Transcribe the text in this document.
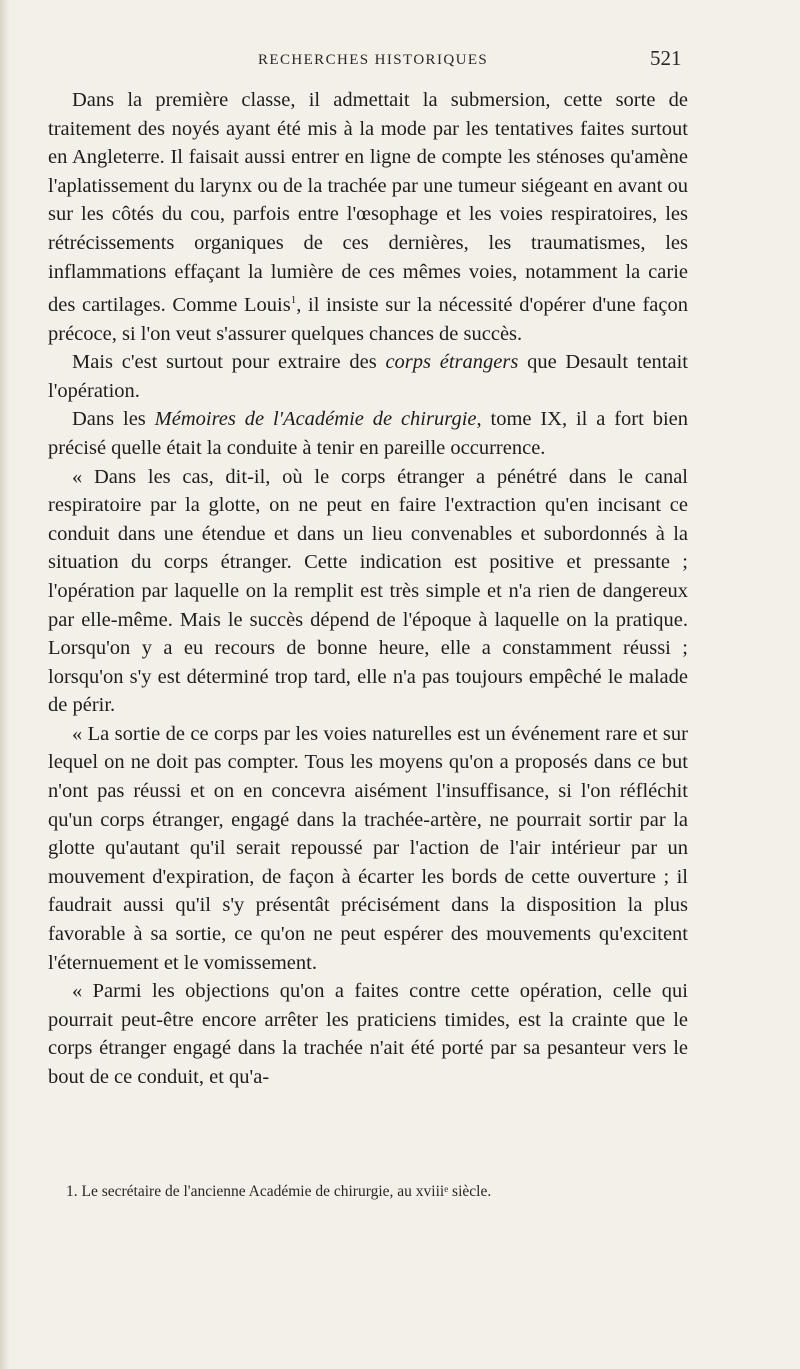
RECHERCHES HISTORIQUES	521

Dans la première classe, il admettait la submersion, cette sorte de traitement des noyés ayant été mis à la mode par les tentatives faites surtout en Angleterre. Il faisait aussi entrer en ligne de compte les sténoses qu'amène l'aplatissement du larynx ou de la trachée par une tumeur siégeant en avant ou sur les côtés du cou, parfois entre l'œsophage et les voies respiratoires, les rétrécissements organiques de ces dernières, les traumatismes, les inflammations effaçant la lumière de ces mêmes voies, notamment la carie des cartilages. Comme Louis$^1$, il insiste sur la nécessité d'opérer d'une façon précoce, si l'on veut s'assurer quelques chances de succès.

Mais c'est surtout pour extraire des corps étrangers que Desault tentait l'opération.

Dans les Mémoires de l'Académie de chirurgie, tome IX, il a fort bien précisé quelle était la conduite à tenir en pareille occurrence.

« Dans les cas, dit-il, où le corps étranger a pénétré dans le canal respiratoire par la glotte, on ne peut en faire l'extraction qu'en incisant ce conduit dans une étendue et dans un lieu convenables et subordonnés à la situation du corps étranger. Cette indication est positive et pressante ; l'opération par laquelle on la remplit est très simple et n'a rien de dangereux par elle-même. Mais le succès dépend de l'époque à laquelle on la pratique. Lorsqu'on y a eu recours de bonne heure, elle a constamment réussi ; lorsqu'on s'y est déterminé trop tard, elle n'a pas toujours empêché le malade de périr.

« La sortie de ce corps par les voies naturelles est un événement rare et sur lequel on ne doit pas compter. Tous les moyens qu'on a proposés dans ce but n'ont pas réussi et on en concevra aisément l'insuffisance, si l'on réfléchit qu'un corps étranger, engagé dans la trachée-artère, ne pourrait sortir par la glotte qu'autant qu'il serait repoussé par l'action de l'air intérieur par un mouvement d'expiration, de façon à écarter les bords de cette ouverture ; il faudrait aussi qu'il s'y présentât précisément dans la disposition la plus favorable à sa sortie, ce qu'on ne peut espérer des mouvements qu'excitent l'éternuement et le vomissement.

« Parmi les objections qu'on a faites contre cette opération, celle qui pourrait peut-être encore arrêter les praticiens timides, est la crainte que le corps étranger engagé dans la trachée n'ait été porté par sa pesanteur vers le bout de ce conduit, et qu'a-

1. Le secrétaire de l'ancienne Académie de chirurgie, au xviiiᵉ siècle.
